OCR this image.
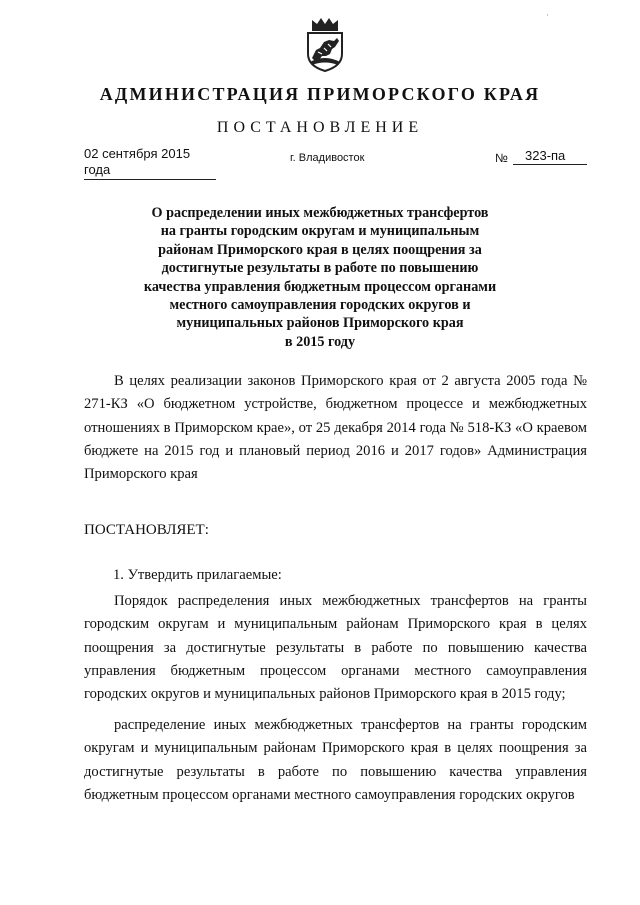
·
АДМИНИСТРАЦИЯ ПРИМОРСКОГО КРАЯ
ПОСТАНОВЛЕНИЕ
02 сентября 2015 года
г. Владивосток	№	323-па
О распределении иных межбюджетных трансфертов
на гранты городским округам и муниципальным
районам Приморского края в целях поощрения за
достигнутые результаты в работе по повышению
качества управления бюджетным процессом органами
местного самоуправления городских округов и
муниципальных районов Приморского края
в 2015 году
В целях реализации законов Приморского края от 2 августа 2005 года № 271-КЗ «О бюджетном устройстве, бюджетном процессе и межбюджетных отношениях в Приморском крае», от 25 декабря 2014 года № 518-КЗ «О краевом бюджете на 2015 год и плановый период 2016 и 2017 годов» Администрация Приморского края
ПОСТАНОВЛЯЕТ:
1. Утвердить прилагаемые:
Порядок распределения иных межбюджетных трансфертов на гранты городским округам и муниципальным районам Приморского края в целях поощрения за достигнутые результаты в работе по повышению качества управления бюджетным процессом органами местного самоуправления городских округов и муниципальных районов Приморского края в 2015 году;
распределение иных межбюджетных трансфертов на гранты городским округам и муниципальным районам Приморского края в целях поощрения за достигнутые результаты в работе по повышению качества управления бюджетным процессом органами местного самоуправления городских округов
